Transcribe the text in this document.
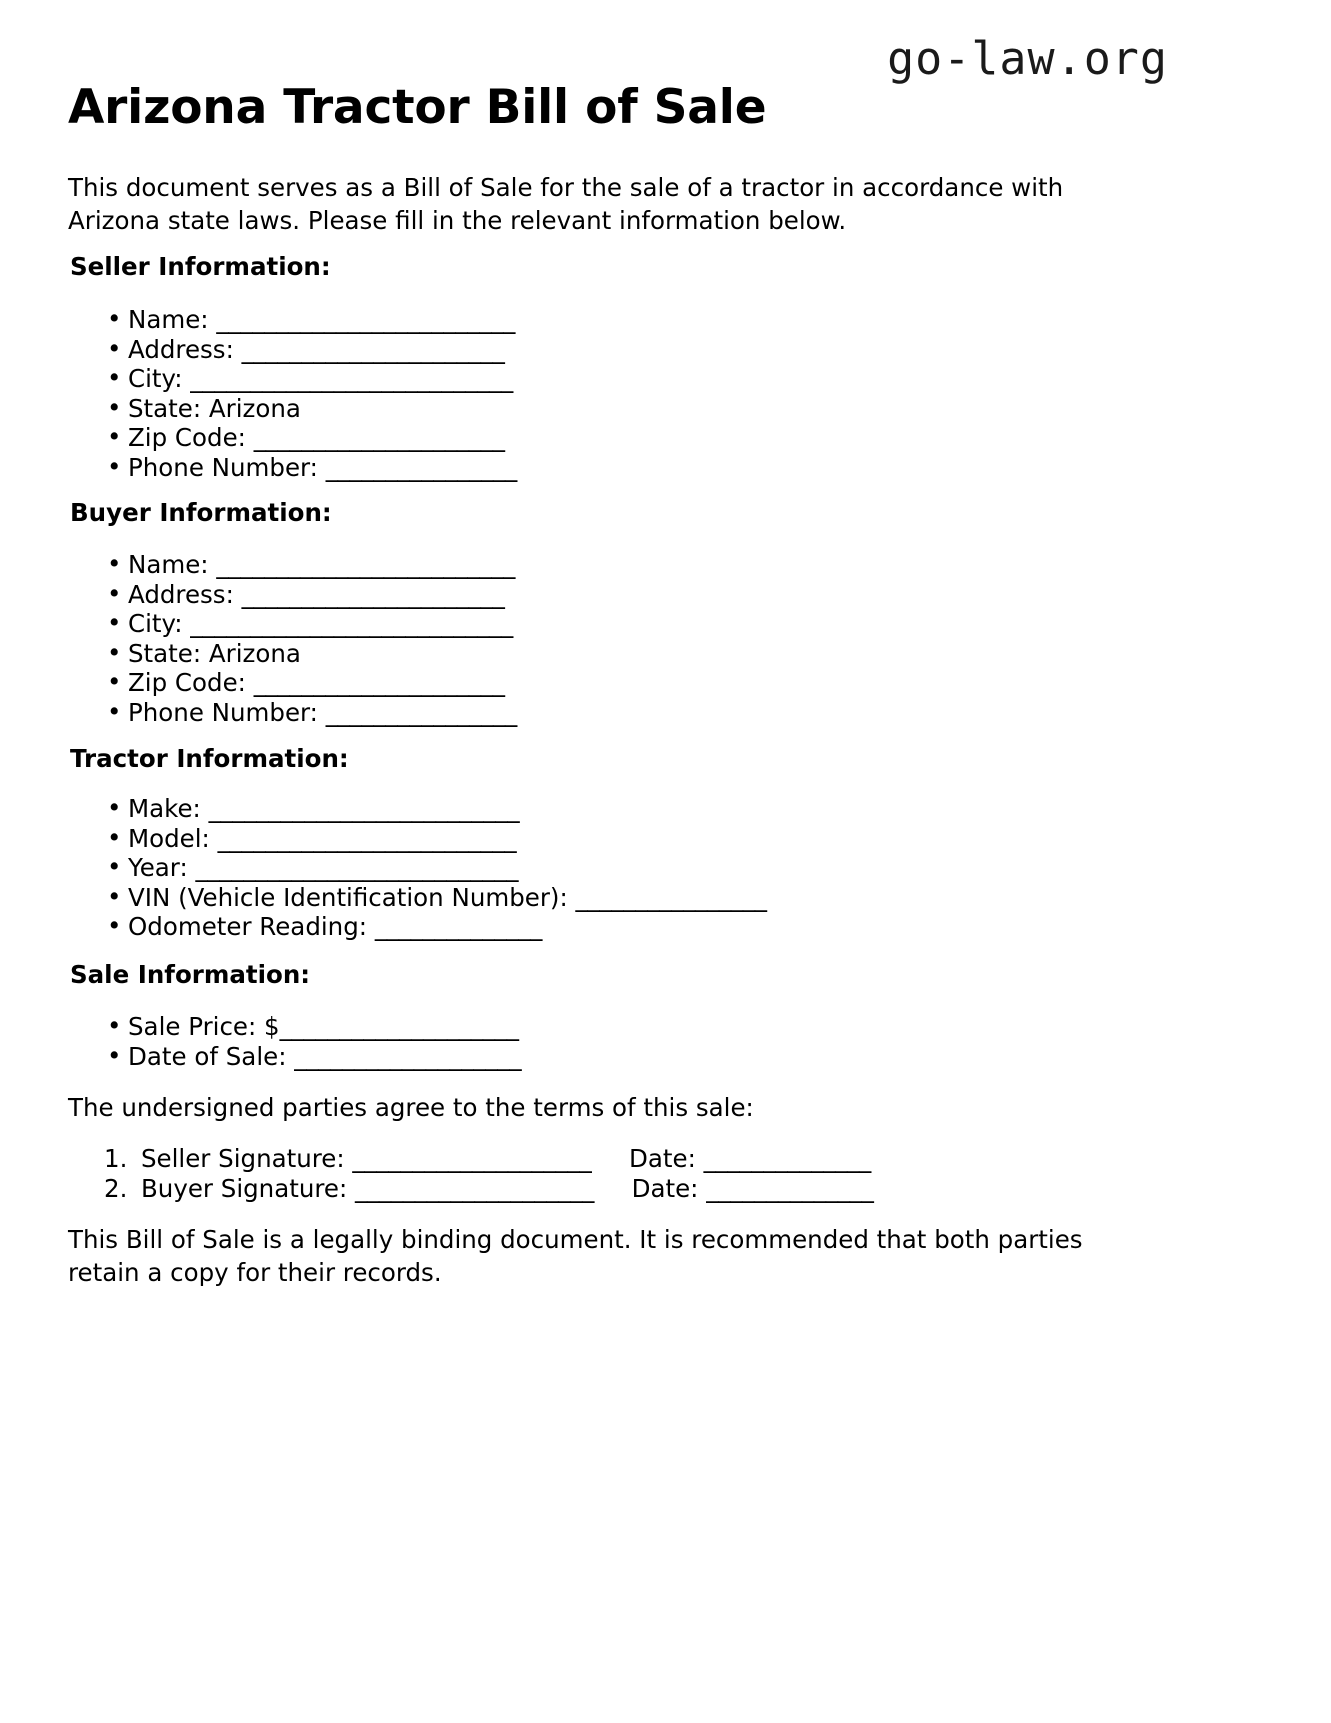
go-law.org
Arizona Tractor Bill of Sale

This document serves as a Bill of Sale for the sale of a tractor in accordance with Arizona state laws. Please fill in the relevant information below.

Seller Information:
• Name: _________________________
• Address: ______________________
• City: ___________________________
• State: Arizona
• Zip Code: _____________________
• Phone Number: ________________
Buyer Information:
• Name: _________________________
• Address: ______________________
• City: ___________________________
• State: Arizona
• Zip Code: _____________________
• Phone Number: ________________
Tractor Information:
• Make: __________________________
• Model: _________________________
• Year: ___________________________
• VIN (Vehicle Identification Number): ________________
• Odometer Reading: ______________
Sale Information:
• Sale Price: $____________________
• Date of Sale: ___________________

The undersigned parties agree to the terms of this sale:

1. Seller Signature: ____________________ Date: ______________
2. Buyer Signature: ____________________ Date: ______________

This Bill of Sale is a legally binding document. It is recommended that both parties retain a copy for their records.
